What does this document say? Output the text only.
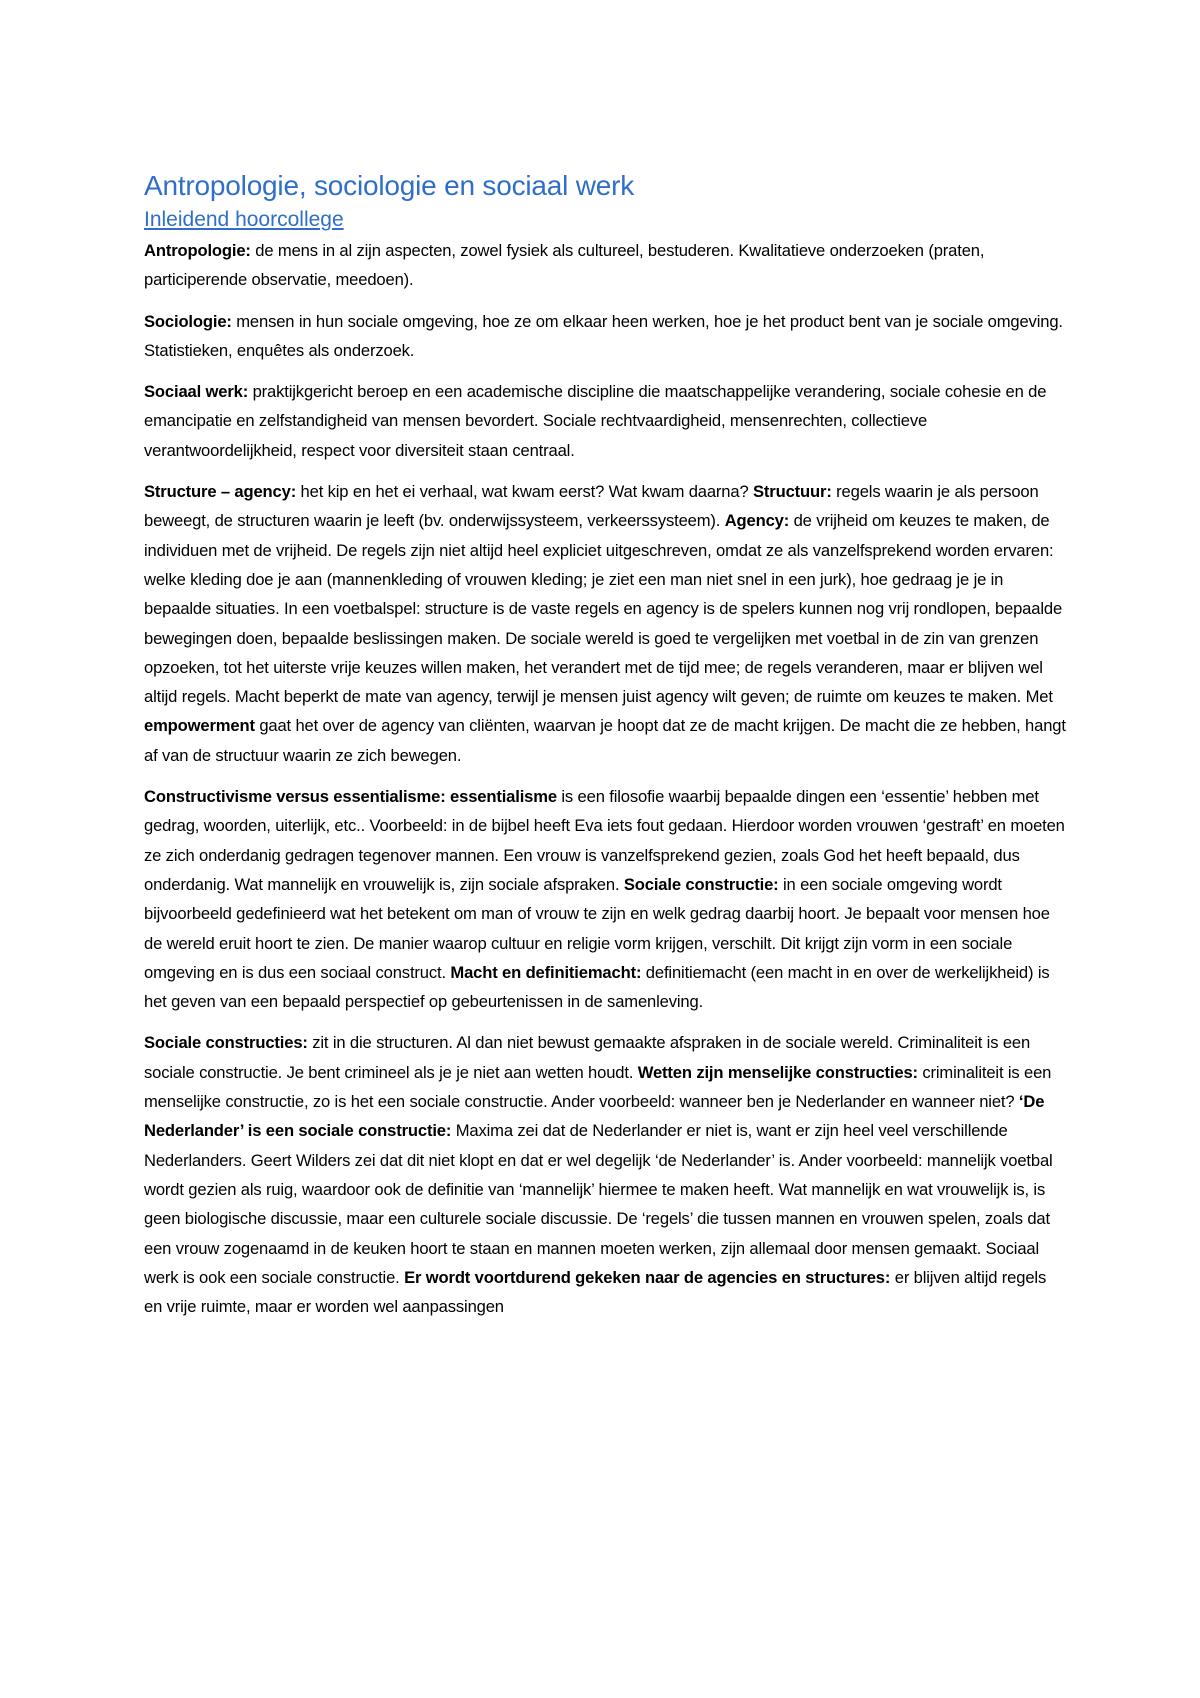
Antropologie, sociologie en sociaal werk
Inleidend hoorcollege

Antropologie: de mens in al zijn aspecten, zowel fysiek als cultureel, bestuderen. Kwalitatieve onderzoeken (praten, participerende observatie, meedoen).

Sociologie: mensen in hun sociale omgeving, hoe ze om elkaar heen werken, hoe je het product bent van je sociale omgeving. Statistieken, enquêtes als onderzoek.

Sociaal werk: praktijkgericht beroep en een academische discipline die maatschappelijke verandering, sociale cohesie en de emancipatie en zelfstandigheid van mensen bevordert. Sociale rechtvaardigheid, mensenrechten, collectieve verantwoordelijkheid, respect voor diversiteit staan centraal.

Structure – agency: het kip en het ei verhaal, wat kwam eerst? Wat kwam daarna? Structuur: regels waarin je als persoon beweegt, de structuren waarin je leeft (bv. onderwijssysteem, verkeerssysteem). Agency: de vrijheid om keuzes te maken, de individuen met de vrijheid. De regels zijn niet altijd heel expliciet uitgeschreven, omdat ze als vanzelfsprekend worden ervaren: welke kleding doe je aan (mannenkleding of vrouwen kleding; je ziet een man niet snel in een jurk), hoe gedraag je je in bepaalde situaties. In een voetbalspel: structure is de vaste regels en agency is de spelers kunnen nog vrij rondlopen, bepaalde bewegingen doen, bepaalde beslissingen maken. De sociale wereld is goed te vergelijken met voetbal in de zin van grenzen opzoeken, tot het uiterste vrije keuzes willen maken, het verandert met de tijd mee; de regels veranderen, maar er blijven wel altijd regels. Macht beperkt de mate van agency, terwijl je mensen juist agency wilt geven; de ruimte om keuzes te maken. Met empowerment gaat het over de agency van cliënten, waarvan je hoopt dat ze de macht krijgen. De macht die ze hebben, hangt af van de structuur waarin ze zich bewegen.

Constructivisme versus essentialisme: essentialisme is een filosofie waarbij bepaalde dingen een ‘essentie’ hebben met gedrag, woorden, uiterlijk, etc.. Voorbeeld: in de bijbel heeft Eva iets fout gedaan. Hierdoor worden vrouwen ‘gestraft’ en moeten ze zich onderdanig gedragen tegenover mannen. Een vrouw is vanzelfsprekend gezien, zoals God het heeft bepaald, dus onderdanig. Wat mannelijk en vrouwelijk is, zijn sociale afspraken. Sociale constructie: in een sociale omgeving wordt bijvoorbeeld gedefinieerd wat het betekent om man of vrouw te zijn en welk gedrag daarbij hoort. Je bepaalt voor mensen hoe de wereld eruit hoort te zien. De manier waarop cultuur en religie vorm krijgen, verschilt. Dit krijgt zijn vorm in een sociale omgeving en is dus een sociaal construct. Macht en definitiemacht: definitiemacht (een macht in en over de werkelijkheid) is het geven van een bepaald perspectief op gebeurtenissen in de samenleving.

Sociale constructies: zit in die structuren. Al dan niet bewust gemaakte afspraken in de sociale wereld. Criminaliteit is een sociale constructie. Je bent crimineel als je je niet aan wetten houdt. Wetten zijn menselijke constructies: criminaliteit is een menselijke constructie, zo is het een sociale constructie. Ander voorbeeld: wanneer ben je Nederlander en wanneer niet? ‘De Nederlander’ is een sociale constructie: Maxima zei dat de Nederlander er niet is, want er zijn heel veel verschillende Nederlanders. Geert Wilders zei dat dit niet klopt en dat er wel degelijk ‘de Nederlander’ is. Ander voorbeeld: mannelijk voetbal wordt gezien als ruig, waardoor ook de definitie van ‘mannelijk’ hiermee te maken heeft. Wat mannelijk en wat vrouwelijk is, is geen biologische discussie, maar een culturele sociale discussie. De ‘regels’ die tussen mannen en vrouwen spelen, zoals dat een vrouw zogenaamd in de keuken hoort te staan en mannen moeten werken, zijn allemaal door mensen gemaakt. Sociaal werk is ook een sociale constructie. Er wordt voortdurend gekeken naar de agencies en structures: er blijven altijd regels en vrije ruimte, maar er worden wel aanpassingen
